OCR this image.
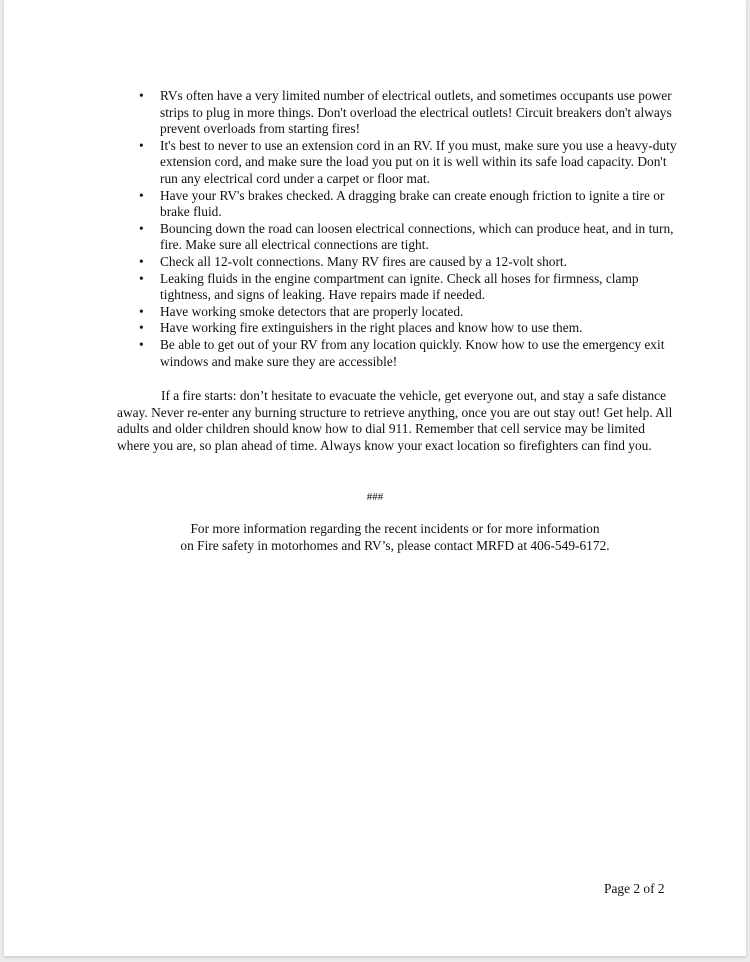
• RVs often have a very limited number of electrical outlets, and sometimes occupants use power strips to plug in more things. Don't overload the electrical outlets! Circuit breakers don't always prevent overloads from starting fires!
• It's best to never to use an extension cord in an RV. If you must, make sure you use a heavy-duty extension cord, and make sure the load you put on it is well within its safe load capacity. Don't run any electrical cord under a carpet or floor mat.
• Have your RV's brakes checked. A dragging brake can create enough friction to ignite a tire or brake fluid.
• Bouncing down the road can loosen electrical connections, which can produce heat, and in turn, fire. Make sure all electrical connections are tight.
• Check all 12-volt connections. Many RV fires are caused by a 12-volt short.
• Leaking fluids in the engine compartment can ignite. Check all hoses for firmness, clamp tightness, and signs of leaking. Have repairs made if needed.
• Have working smoke detectors that are properly located.
• Have working fire extinguishers in the right places and know how to use them.
• Be able to get out of your RV from any location quickly. Know how to use the emergency exit windows and make sure they are accessible!

If a fire starts: don’t hesitate to evacuate the vehicle, get everyone out, and stay a safe distance away. Never re-enter any burning structure to retrieve anything, once you are out stay out! Get help. All adults and older children should know how to dial 911. Remember that cell service may be limited where you are, so plan ahead of time. Always know your exact location so firefighters can find you.

###
For more information regarding the recent incidents or for more information
on Fire safety in motorhomes and RV’s, please contact MRFD at 406-549-6172.
Page 2 of 2
